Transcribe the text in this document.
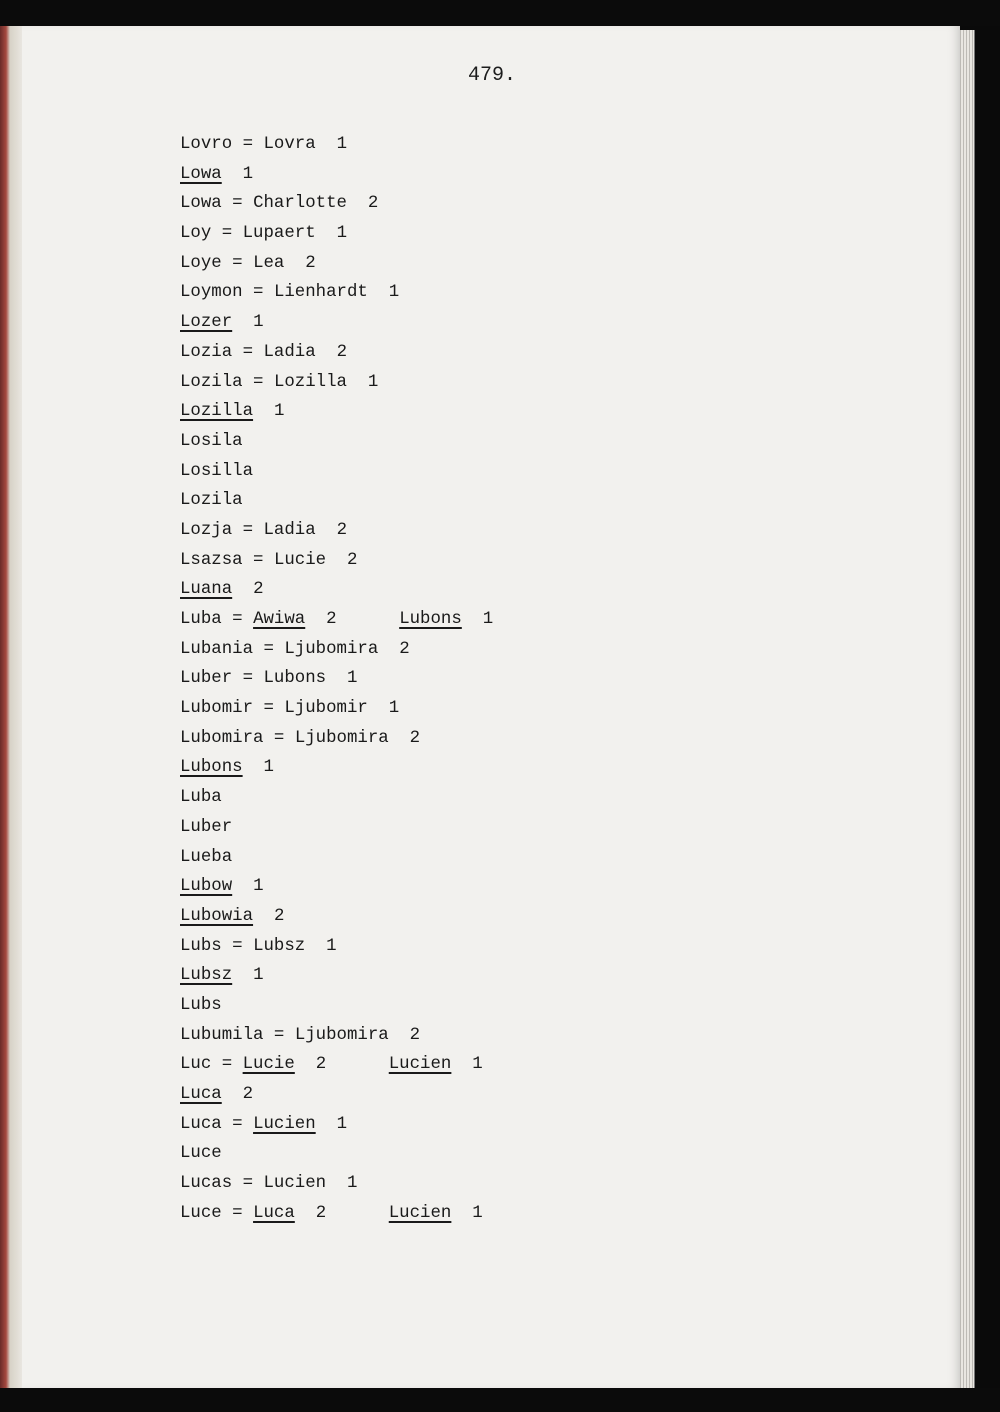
479.
Lovro = Lovra 1
Lowa 1
Lowa = Charlotte 2
Loy = Lupaert 1
Loye = Lea 2
Loymon = Lienhardt 1
Lozer 1
Lozia = Ladia 2
Lozila = Lozilla 1
Lozilla 1
Losila
Losilla
Lozila
Lozja = Ladia 2
Lsazsa = Lucie 2
Luana 2
Luba = Awiwa 2	Lubons 1
Lubania = Ljubomira 2
Luber = Lubons 1
Lubomir = Ljubomir 1
Lubomira = Ljubomira 2
Lubons 1
Luba
Luber
Lueba
Lubow 1
Lubowia 2
Lubs = Lubsz 1
Lubsz 1
Lubs
Lubumila = Ljubomira 2
Luc = Lucie 2	Lucien 1
Luca 2
Luca = Lucien 1
Luce
Lucas = Lucien 1
Luce = Luca 2	Lucien 1
